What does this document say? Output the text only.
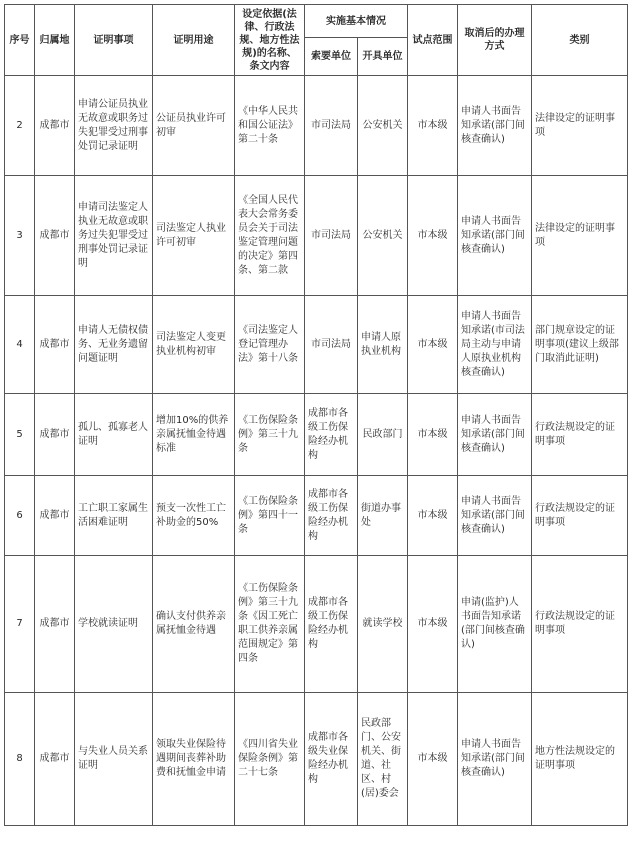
序号	归属地	证明事项	证明用途	设定依据(法律、行政法规、地方性法规)的名称、条文内容	实施基本情况		试点范围	取消后的办理方式	类别
					索要单位	开具单位			
2	成都市	申请公证员执业无故意或职务过失犯罪受过刑事处罚记录证明	公证员执业许可初审	《中华人民共和国公证法》第二十条	市司法局	公安机关	市本级	申请人书面告知承诺(部门间核查确认)	法律设定的证明事项
3	成都市	申请司法鉴定人执业无故意或职务过失犯罪受过刑事处罚记录证明	司法鉴定人执业许可初审	《全国人民代表大会常务委员会关于司法鉴定管理问题的决定》第四条、第二款	市司法局	公安机关	市本级	申请人书面告知承诺(部门间核查确认)	法律设定的证明事项
4	成都市	申请人无债权债务、无业务遗留问题证明	司法鉴定人变更执业机构初审	《司法鉴定人登记管理办法》第十八条	市司法局	申请人原执业机构	市本级	申请人书面告知承诺(市司法局主动与申请人原执业机构核查确认)	部门规章设定的证明事项(建议上级部门取消此证明)
5	成都市	孤儿、孤寡老人证明	增加10%的供养亲属抚恤金待遇标准	《工伤保险条例》第三十九条	成都市各级工伤保险经办机构	民政部门	市本级	申请人书面告知承诺(部门间核查确认)	行政法规设定的证明事项
6	成都市	工亡职工家属生活困难证明	预支一次性工亡补助金的50%	《工伤保险条例》第四十一条	成都市各级工伤保险经办机构	街道办事处	市本级	申请人书面告知承诺(部门间核查确认)	行政法规设定的证明事项
7	成都市	学校就读证明	确认支付供养亲属抚恤金待遇	《工伤保险条例》第三十九条《因工死亡职工供养亲属范围规定》第四条	成都市各级工伤保险经办机构	就读学校	市本级	申请(监护)人书面告知承诺(部门间核查确认)	行政法规设定的证明事项
8	成都市	与失业人员关系证明	领取失业保险待遇期间丧葬补助费和抚恤金申请	《四川省失业保险条例》第二十七条	成都市各级失业保险经办机构	民政部门、公安机关、街道、社区、村(居)委会	市本级	申请人书面告知承诺(部门间核查确认)	地方性法规设定的证明事项
